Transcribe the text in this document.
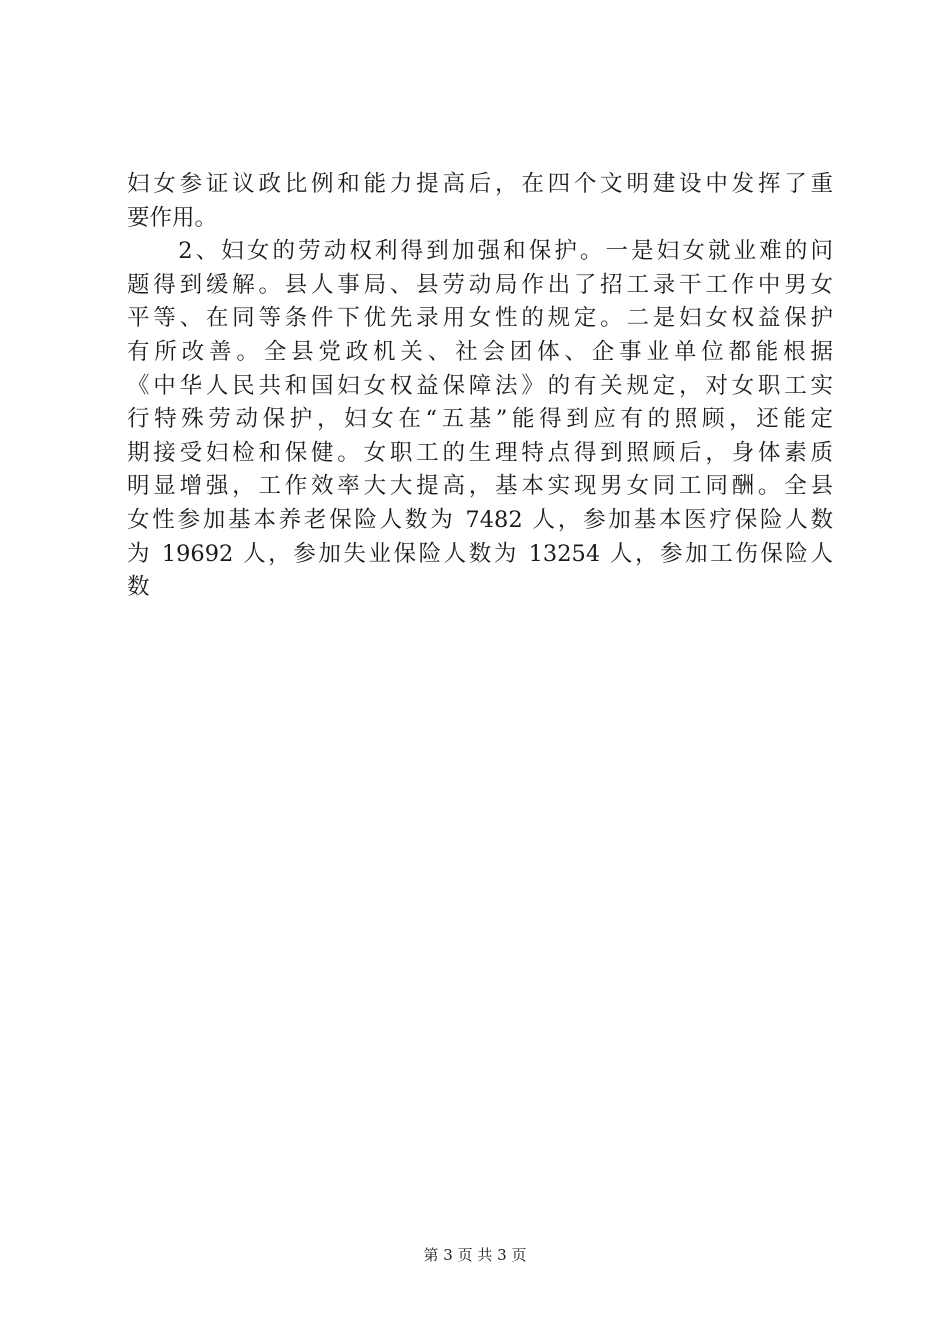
妇女参证议政比例和能力提高后，在四个文明建设中发挥了重
要作用。
　　2、妇女的劳动权利得到加强和保护。一是妇女就业难的问
题得到缓解。县人事局、县劳动局作出了招工录干工作中男女
平等、在同等条件下优先录用女性的规定。二是妇女权益保护
有所改善。全县党政机关、社会团体、企事业单位都能根据
《中华人民共和国妇女权益保障法》的有关规定，对女职工实
行特殊劳动保护，妇女在“五基”能得到应有的照顾，还能定
期接受妇检和保健。女职工的生理特点得到照顾后，身体素质
明显增强，工作效率大大提高，基本实现男女同工同酬。全县
女性参加基本养老保险人数为 7482 人，参加基本医疗保险人数
为 19692 人，参加失业保险人数为 13254 人，参加工伤保险人
数
第 3 页 共 3 页
